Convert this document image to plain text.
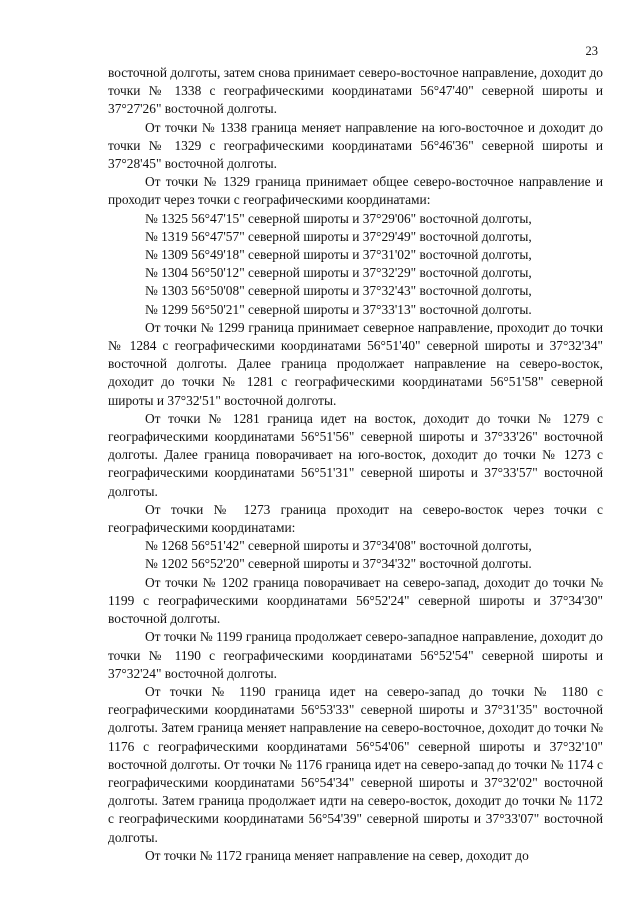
23

восточной долготы, затем снова принимает северо-восточное направление, доходит до точки № 1338 с географическими координатами 56°47'40" северной широты и 37°27'26" восточной долготы.

От точки № 1338 граница меняет направление на юго-восточное и доходит до точки № 1329 с географическими координатами 56°46'36" северной широты и 37°28'45" восточной долготы.

От точки № 1329 граница принимает общее северо-восточное направление и проходит через точки с географическими координатами:

№ 1325 56°47'15" северной широты и 37°29'06" восточной долготы,

№ 1319 56°47'57" северной широты и 37°29'49" восточной долготы,

№ 1309 56°49'18" северной широты и 37°31'02" восточной долготы,

№ 1304 56°50'12" северной широты и 37°32'29" восточной долготы,

№ 1303 56°50'08" северной широты и 37°32'43" восточной долготы,

№ 1299 56°50'21" северной широты и 37°33'13" восточной долготы.

От точки № 1299 граница принимает северное направление, проходит до точки № 1284 с географическими координатами 56°51'40" северной широты и 37°32'34" восточной долготы. Далее граница продолжает направление на северо-восток, доходит до точки № 1281 с географическими координатами 56°51'58" северной широты и 37°32'51" восточной долготы.

От точки № 1281 граница идет на восток, доходит до точки № 1279 с географическими координатами 56°51'56" северной широты и 37°33'26" восточной долготы. Далее граница поворачивает на юго-восток, доходит до точки № 1273 с географическими координатами 56°51'31" северной широты и 37°33'57" восточной долготы.

От точки № 1273 граница проходит на северо-восток через точки с географическими координатами:

№ 1268 56°51'42" северной широты и 37°34'08" восточной долготы,

№ 1202 56°52'20" северной широты и 37°34'32" восточной долготы.

От точки № 1202 граница поворачивает на северо-запад, доходит до точки № 1199 с географическими координатами 56°52'24" северной широты и 37°34'30" восточной долготы.

От точки № 1199 граница продолжает северо-западное направление, доходит до точки № 1190 с географическими координатами 56°52'54" северной широты и 37°32'24" восточной долготы.

От точки № 1190 граница идет на северо-запад до точки № 1180 с географическими координатами 56°53'33" северной широты и 37°31'35" восточной долготы. Затем граница меняет направление на северо-восточное, доходит до точки № 1176 с географическими координатами 56°54'06" северной широты и 37°32'10" восточной долготы. От точки № 1176 граница идет на северо-запад до точки № 1174 с географическими координатами 56°54'34" северной широты и 37°32'02" восточной долготы. Затем граница продолжает идти на северо-восток, доходит до точки № 1172 с географическими координатами 56°54'39" северной широты и 37°33'07" восточной долготы.

От точки № 1172 граница меняет направление на север, доходит до
